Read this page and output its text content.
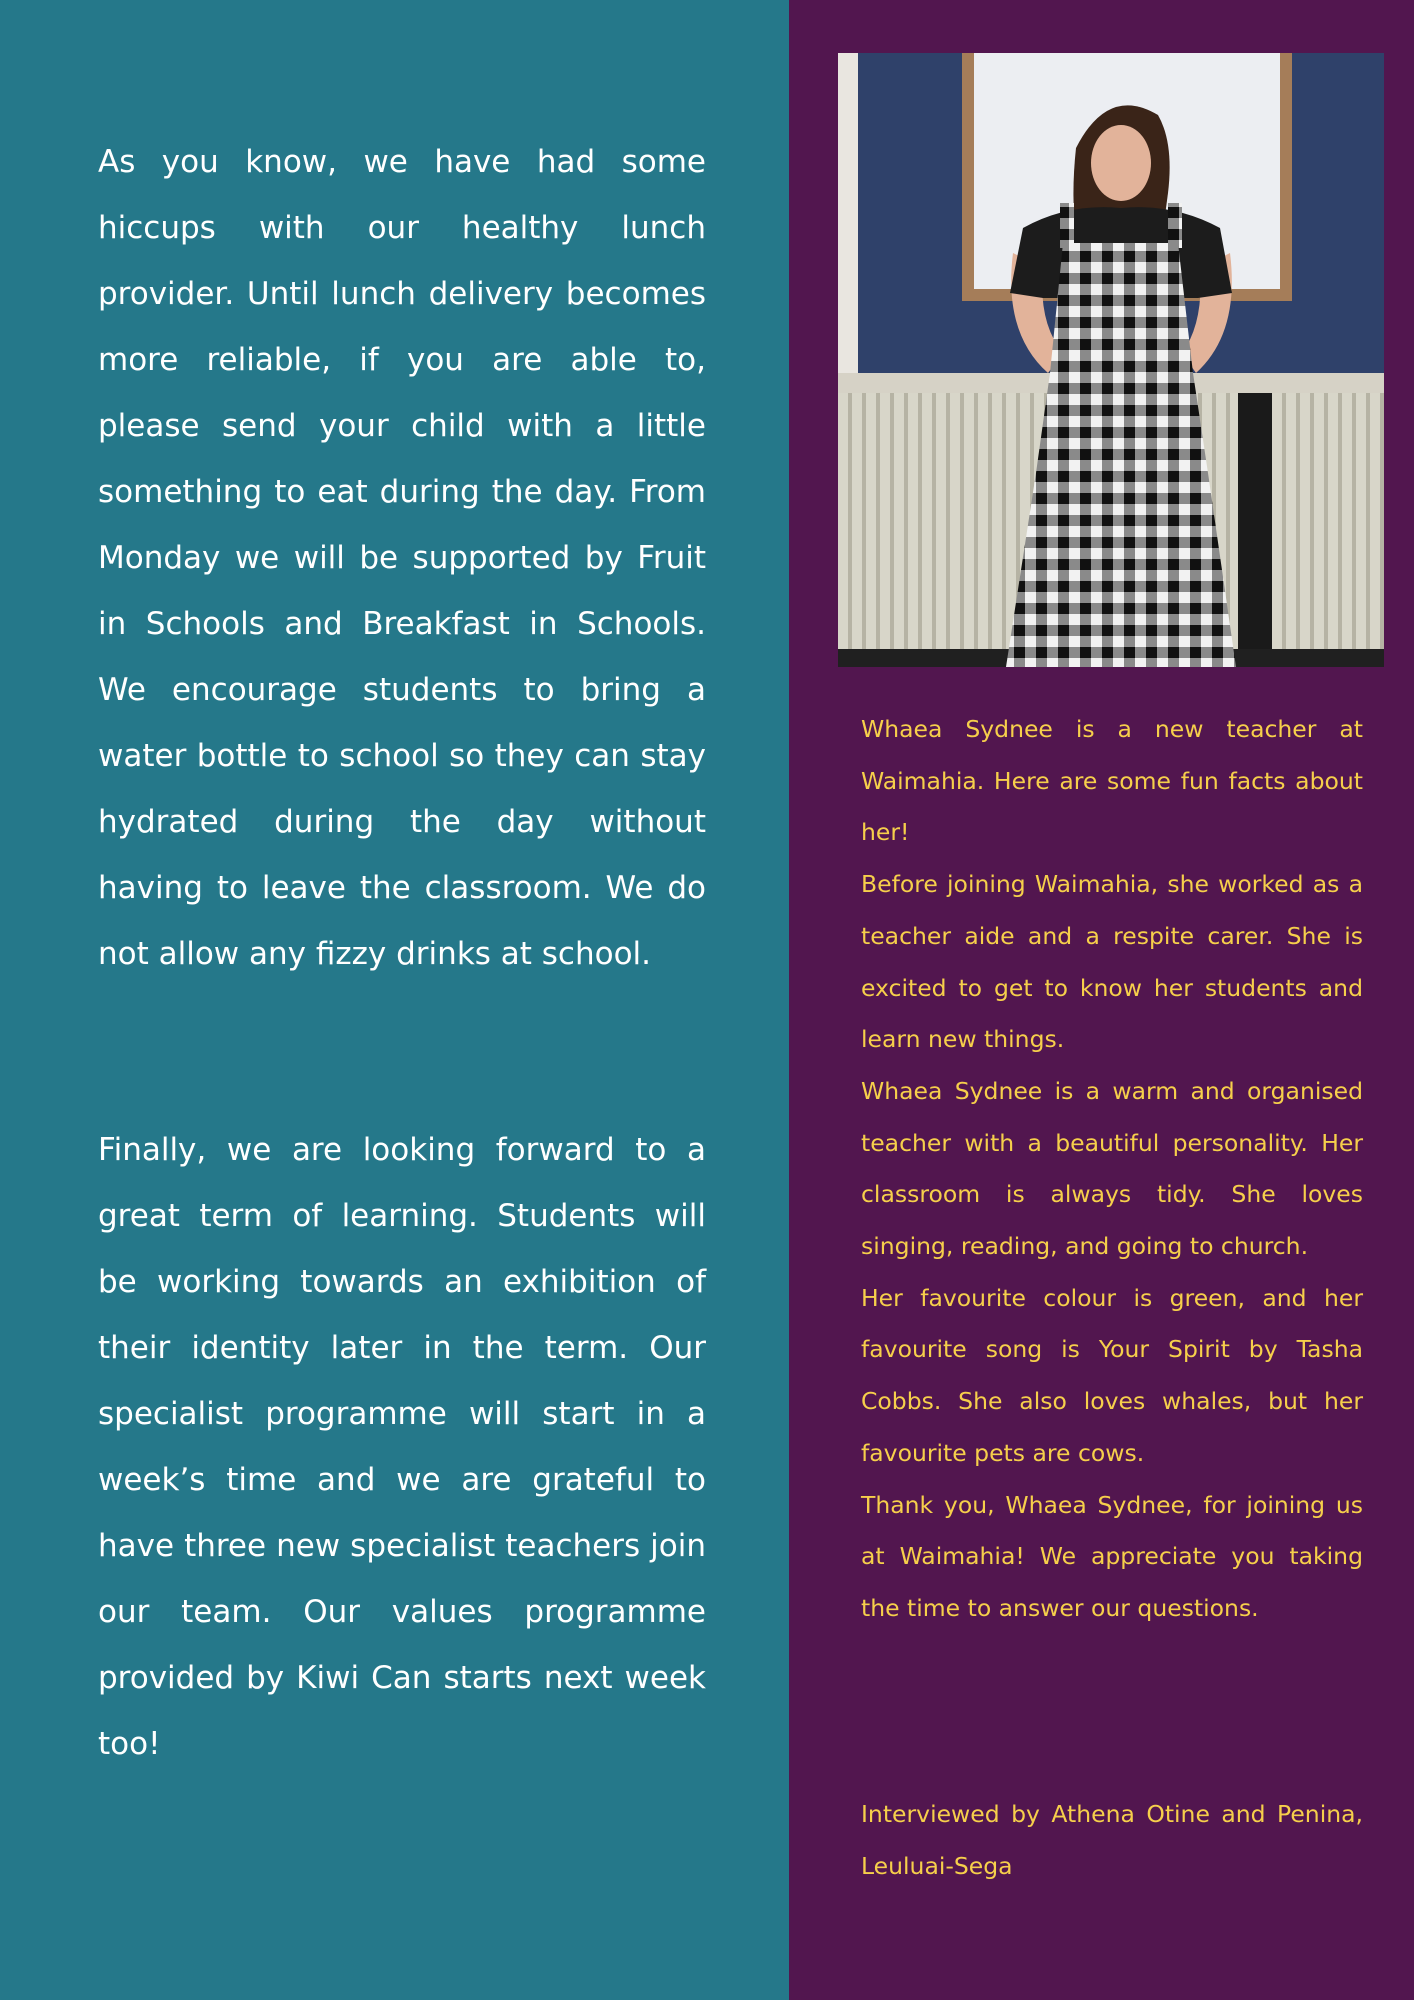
As you know, we have had some hiccups with our healthy lunch provider. Until lunch delivery becomes more reliable, if you are able to, please send your child with a little something to eat during the day. From Monday we will be supported by Fruit in Schools and Breakfast in Schools. We encourage students to bring a water bottle to school so they can stay hydrated during the day without having to leave the classroom. We do not allow any fizzy drinks at school.

Finally, we are looking forward to a great term of learning. Students will be working towards an exhibition of their identity later in the term. Our specialist programme will start in a week’s time and we are grateful to have three new specialist teachers join our team. Our values programme provided by Kiwi Can starts next week too!

Whaea Sydnee is a new teacher at Waimahia. Here are some fun facts about her!

Before joining Waimahia, she worked as a teacher aide and a respite carer. She is excited to get to know her students and learn new things.

Whaea Sydnee is a warm and organised teacher with a beautiful personality. Her classroom is always tidy. She loves singing, reading, and going to church.

Her favourite colour is green, and her favourite song is Your Spirit by Tasha Cobbs. She also loves whales, but her favourite pets are cows.

Thank you, Whaea Sydnee, for joining us at Waimahia! We appreciate you taking the time to answer our questions.

Interviewed by Athena Otine and Penina, Leuluai-Sega
